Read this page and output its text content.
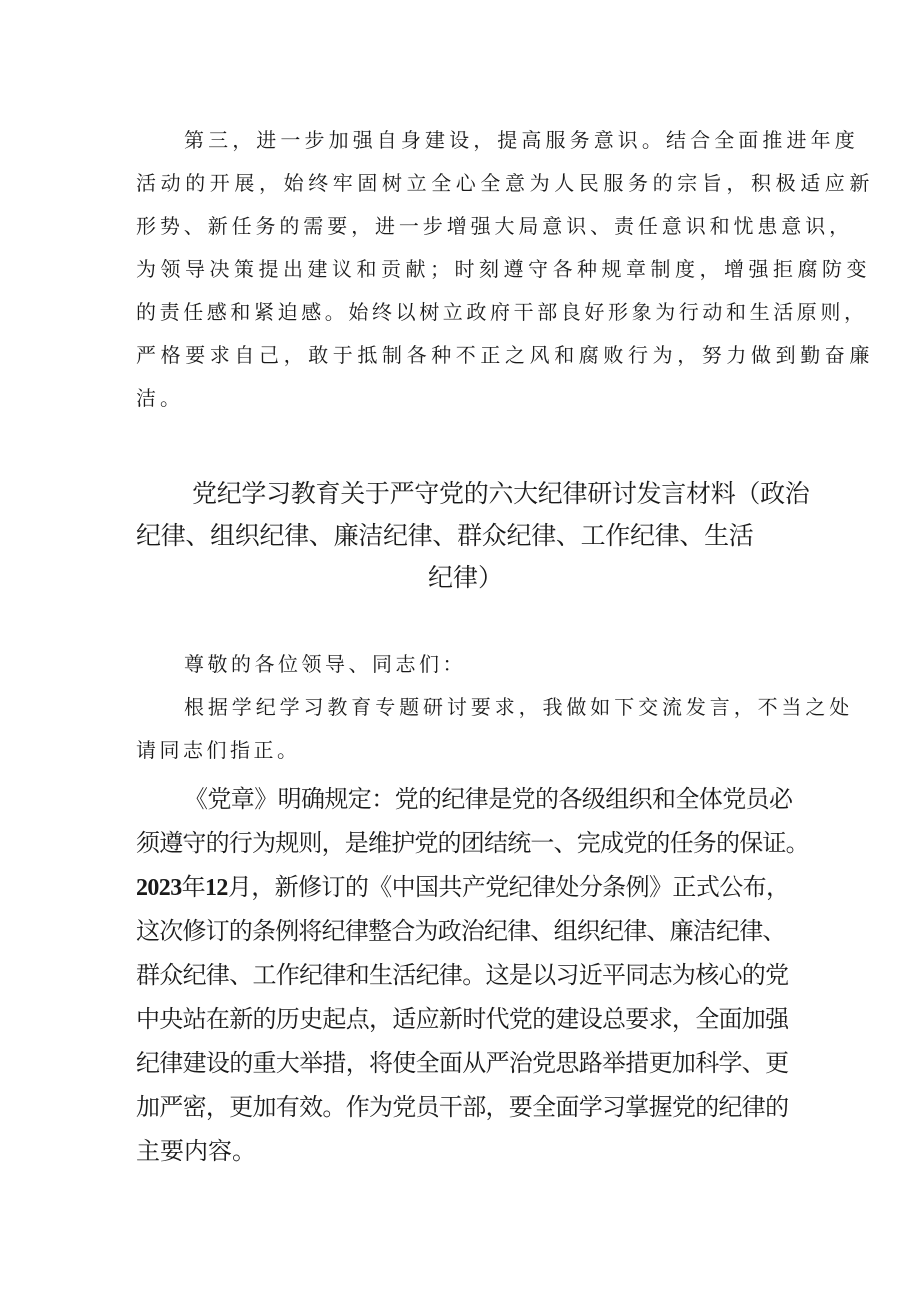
第三，进一步加强自身建设，提高服务意识。结合全面推进年度

活动的开展，始终牢固树立全心全意为人民服务的宗旨，积极适应新

形势、新任务的需要，进一步增强大局意识、责任意识和忧患意识，

为领导决策提出建议和贡献；时刻遵守各种规章制度，增强拒腐防变

的责任感和紧迫感。始终以树立政府干部良好形象为行动和生活原则，

严格要求自己，敢于抵制各种不正之风和腐败行为，努力做到勤奋廉

洁。

党纪学习教育关于严守党的六大纪律研讨发言材料（政治

纪律、组织纪律、廉洁纪律、群众纪律、工作纪律、生活

纪律）

尊敬的各位领导、同志们：

根据学纪学习教育专题研讨要求，我做如下交流发言，不当之处

请同志们指正。

《党章》明确规定：党的纪律是党的各级组织和全体党员必

须遵守的行为规则，是维护党的团结统一、完成党的任务的保证。

2023年12月，新修订的《中国共产党纪律处分条例》正式公布，

这次修订的条例将纪律整合为政治纪律、组织纪律、廉洁纪律、

群众纪律、工作纪律和生活纪律。这是以习近平同志为核心的党

中央站在新的历史起点，适应新时代党的建设总要求，全面加强

纪律建设的重大举措，将使全面从严治党思路举措更加科学、更

加严密，更加有效。作为党员干部，要全面学习掌握党的纪律的

主要内容。
